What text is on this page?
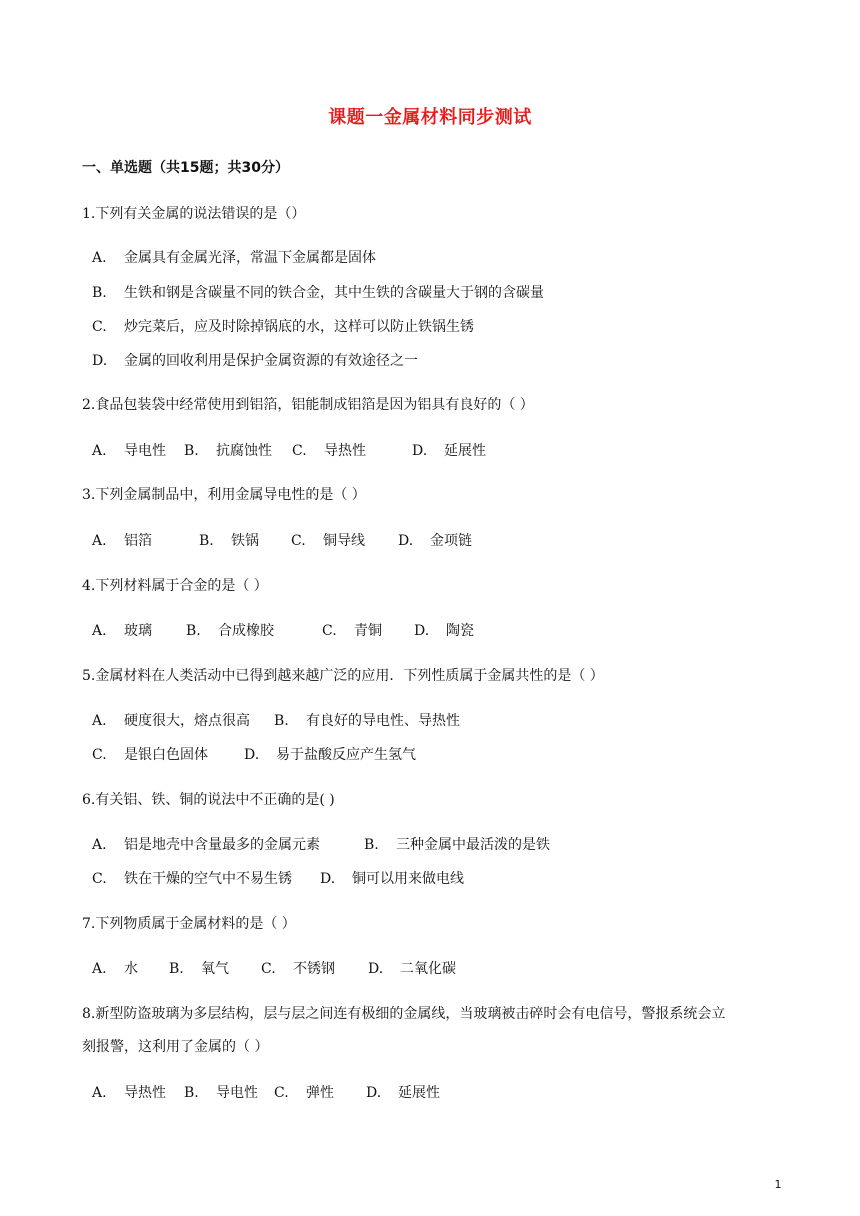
课题一金属材料同步测试
一、单选题（共15题；共30分）
1.下列有关金属的说法错误的是（）
A. 金属具有金属光泽，常温下金属都是固体
B. 生铁和钢是含碳量不同的铁合金，其中生铁的含碳量大于钢的含碳量
C. 炒完菜后，应及时除掉锅底的水，这样可以防止铁锅生锈
D. 金属的回收利用是保护金属资源的有效途径之一
2.食品包装袋中经常使用到铝箔，铝能制成铝箔是因为铝具有良好的（ ）
A. 导电性 B. 抗腐蚀性 C. 导热性	D. 延展性
3.下列金属制品中，利用金属导电性的是（ ）
A. 铝箔	B. 铁锅 C. 铜导线 D. 金项链
4.下列材料属于合金的是（ ）
A. 玻璃 B. 合成橡胶	C. 青铜 D. 陶瓷
5.金属材料在人类活动中已得到越来越广泛的应用．下列性质属于金属共性的是（ ）
A. 硬度很大，熔点很高 B. 有良好的导电性、导热性
C. 是银白色固体	D. 易于盐酸反应产生氢气
6.有关铝、铁、铜的说法中不正确的是( )
A. 铝是地壳中含量最多的金属元素	B. 三种金属中最活泼的是铁
C. 铁在干燥的空气中不易生锈 D. 铜可以用来做电线
7.下列物质属于金属材料的是（ ）
A. 水 B. 氧气 C. 不锈钢 D. 二氧化碳
8.新型防盗玻璃为多层结构，层与层之间连有极细的金属线，当玻璃被击碎时会有电信号，警报系统会立
刻报警，这利用了金属的（ ）
A. 导热性 B. 导电性 C. 弹性 D. 延展性
1
